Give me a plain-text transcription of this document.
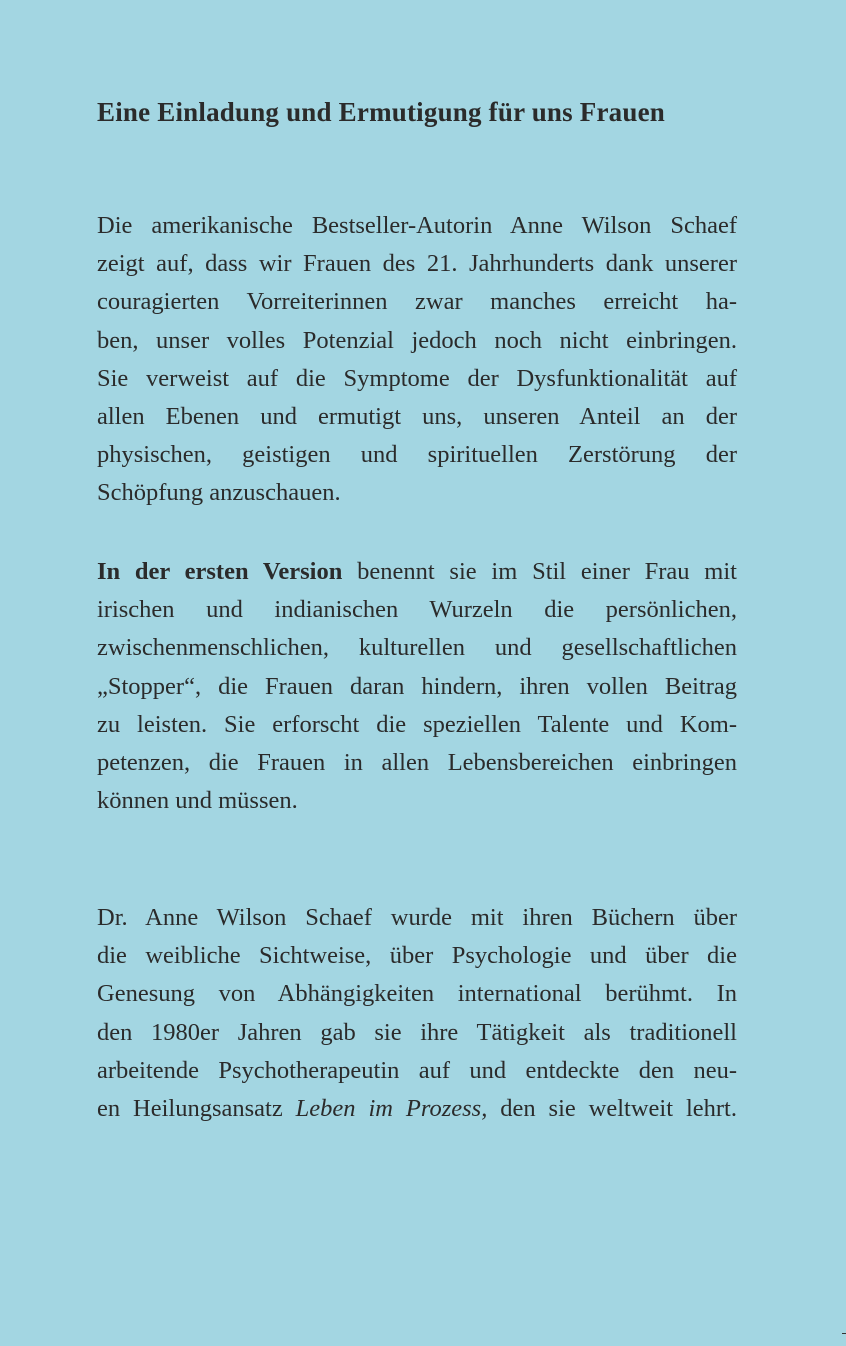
Eine Einladung und Ermutigung für uns Frauen

Die amerikanische Bestseller-Autorin Anne Wilson Schaef
zeigt auf, dass wir Frauen des 21. Jahrhunderts dank unserer
couragierten Vorreiterinnen zwar manches erreicht ha-
ben, unser volles Potenzial jedoch noch nicht einbringen.
Sie verweist auf die Symptome der Dysfunktionalität auf
allen Ebenen und ermutigt uns, unseren Anteil an der
physischen, geistigen und spirituellen Zerstörung der
Schöpfung anzuschauen.

In der ersten Version benennt sie im Stil einer Frau mit
irischen und indianischen Wurzeln die persönlichen,
zwischenmenschlichen, kulturellen und gesellschaftlichen
„Stopper“, die Frauen daran hindern, ihren vollen Beitrag
zu leisten. Sie erforscht die speziellen Talente und Kom-
petenzen, die Frauen in allen Lebensbereichen einbringen
können und müssen.

Dr. Anne Wilson Schaef wurde mit ihren Büchern über
die weibliche Sichtweise, über Psychologie und über die
Genesung von Abhängigkeiten international berühmt. In
den 1980er Jahren gab sie ihre Tätigkeit als traditionell
arbeitende Psychotherapeutin auf und entdeckte den neu-
en Heilungsansatz Leben im Prozess, den sie weltweit lehrt.
